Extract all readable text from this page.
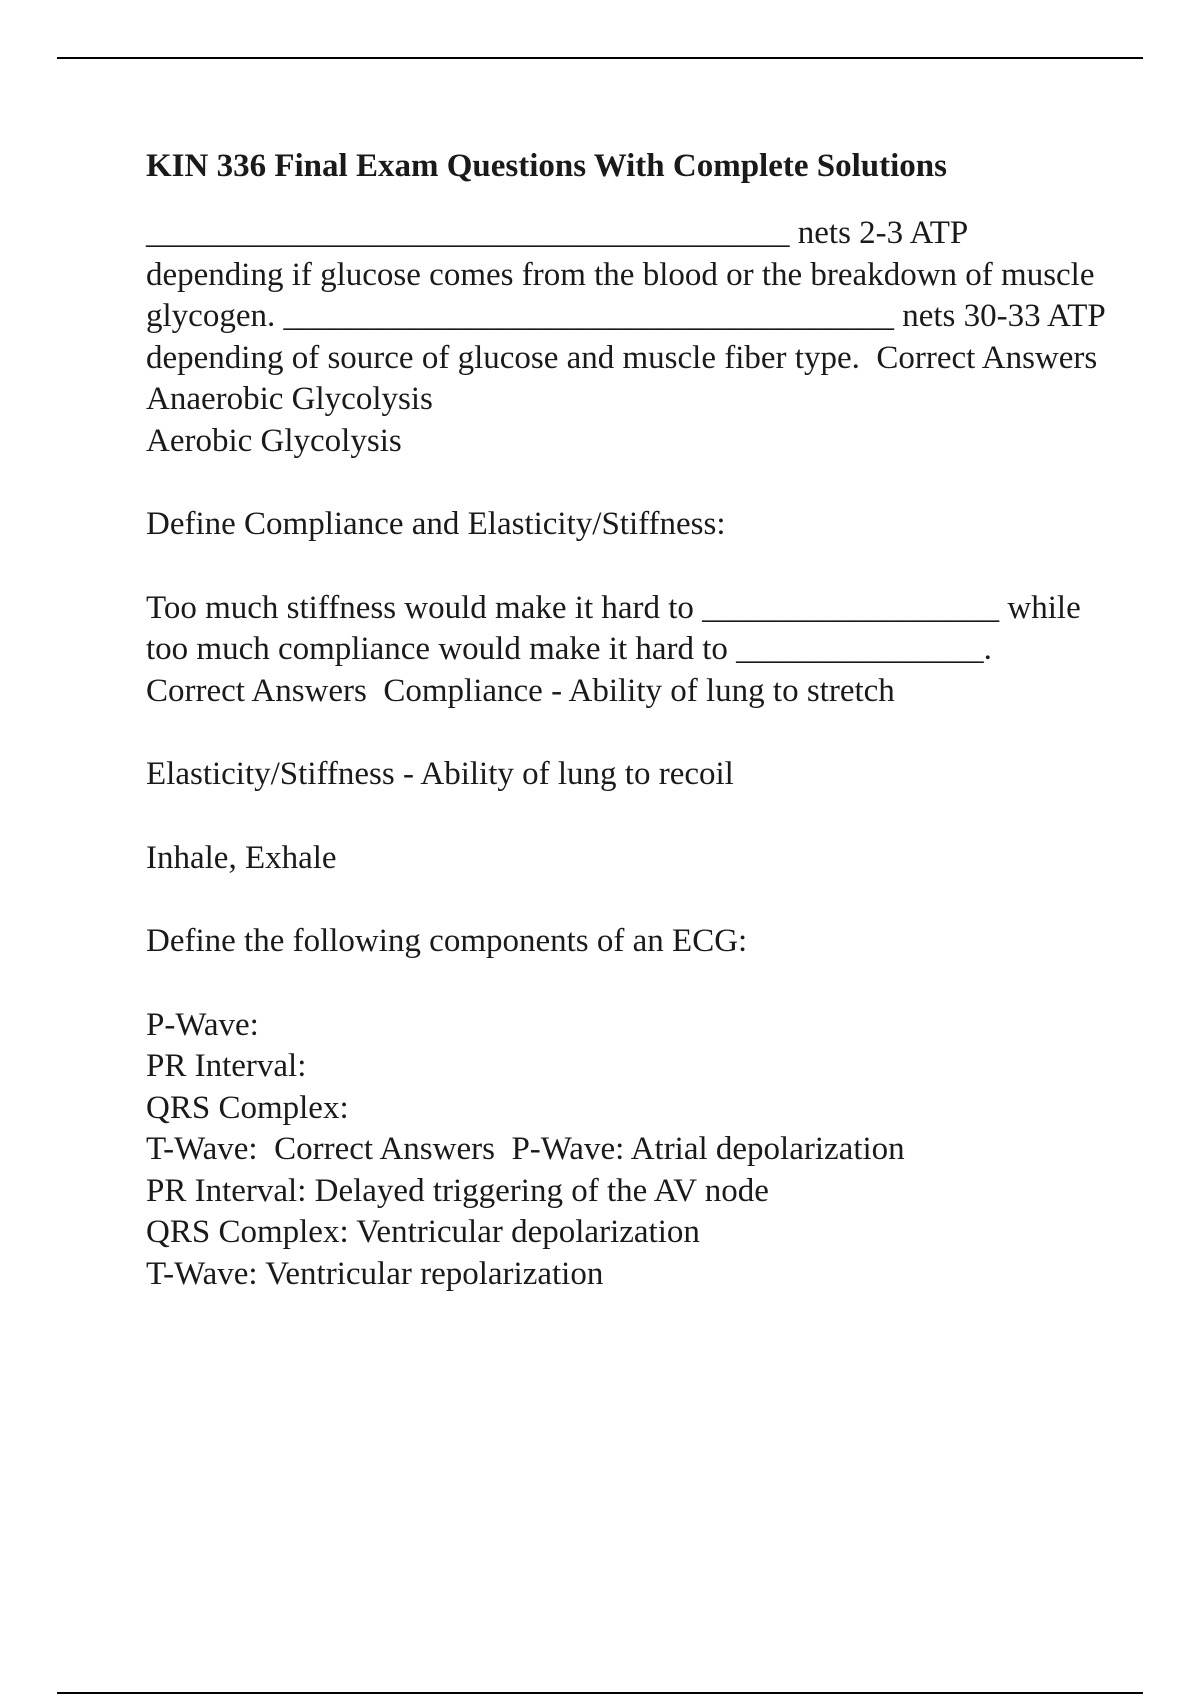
KIN 336 Final Exam Questions With Complete Solutions

_______________________________________ nets 2-3 ATP depending if glucose comes from the blood or the breakdown of muscle glycogen. _____________________________________ nets 30-33 ATP depending of source of glucose and muscle fiber type.  Correct Answers  Anaerobic Glycolysis
Aerobic Glycolysis

Define Compliance and Elasticity/Stiffness:

Too much stiffness would make it hard to __________________ while too much compliance would make it hard to _______________.  Correct Answers  Compliance - Ability of lung to stretch

Elasticity/Stiffness - Ability of lung to recoil

Inhale, Exhale

Define the following components of an ECG:

P-Wave:
PR Interval:
QRS Complex:
T-Wave:  Correct Answers  P-Wave: Atrial depolarization
PR Interval: Delayed triggering of the AV node
QRS Complex: Ventricular depolarization
T-Wave: Ventricular repolarization
